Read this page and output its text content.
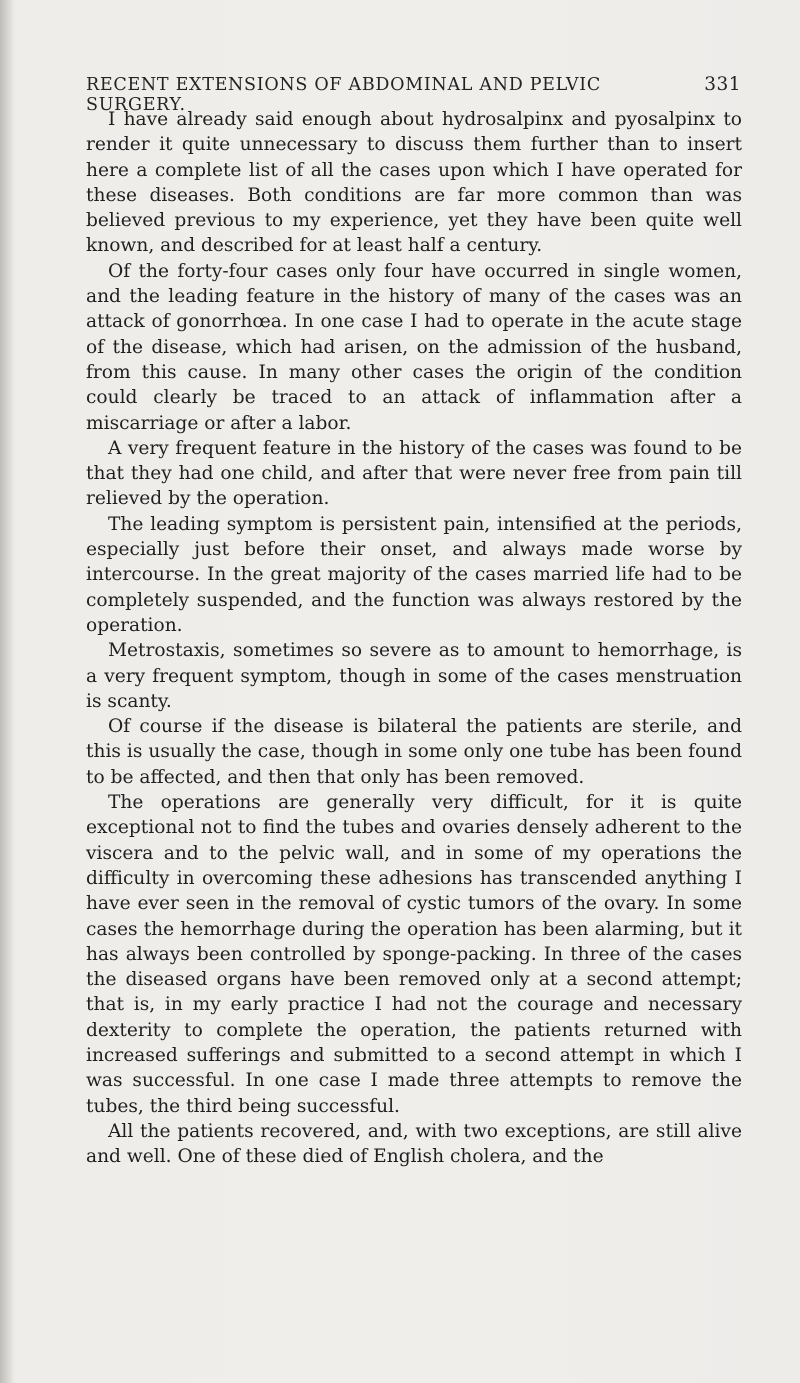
RECENT EXTENSIONS OF ABDOMINAL AND PELVIC SURGERY.
331

I have already said enough about hydrosalpinx and pyosalpinx to render it quite unnecessary to discuss them further than to insert here a complete list of all the cases upon which I have operated for these diseases. Both conditions are far more common than was believed previous to my experience, yet they have been quite well known, and described for at least half a century.

Of the forty-four cases only four have occurred in single women, and the leading feature in the history of many of the cases was an attack of gonorrhœa. In one case I had to operate in the acute stage of the disease, which had arisen, on the admission of the husband, from this cause. In many other cases the origin of the condition could clearly be traced to an attack of inflammation after a miscarriage or after a labor.

A very frequent feature in the history of the cases was found to be that they had one child, and after that were never free from pain till relieved by the operation.

The leading symptom is persistent pain, intensified at the periods, especially just before their onset, and always made worse by intercourse. In the great majority of the cases married life had to be completely suspended, and the function was always restored by the operation.

Metrostaxis, sometimes so severe as to amount to hemorrhage, is a very frequent symptom, though in some of the cases menstruation is scanty.

Of course if the disease is bilateral the patients are sterile, and this is usually the case, though in some only one tube has been found to be affected, and then that only has been removed.

The operations are generally very difficult, for it is quite exceptional not to find the tubes and ovaries densely adherent to the viscera and to the pelvic wall, and in some of my operations the difficulty in overcoming these adhesions has transcended anything I have ever seen in the removal of cystic tumors of the ovary. In some cases the hemorrhage during the operation has been alarming, but it has always been controlled by sponge-packing. In three of the cases the diseased organs have been removed only at a second attempt; that is, in my early practice I had not the courage and necessary dexterity to complete the operation, the patients returned with increased sufferings and submitted to a second attempt in which I was successful. In one case I made three attempts to remove the tubes, the third being successful.

All the patients recovered, and, with two exceptions, are still alive and well. One of these died of English cholera, and the
